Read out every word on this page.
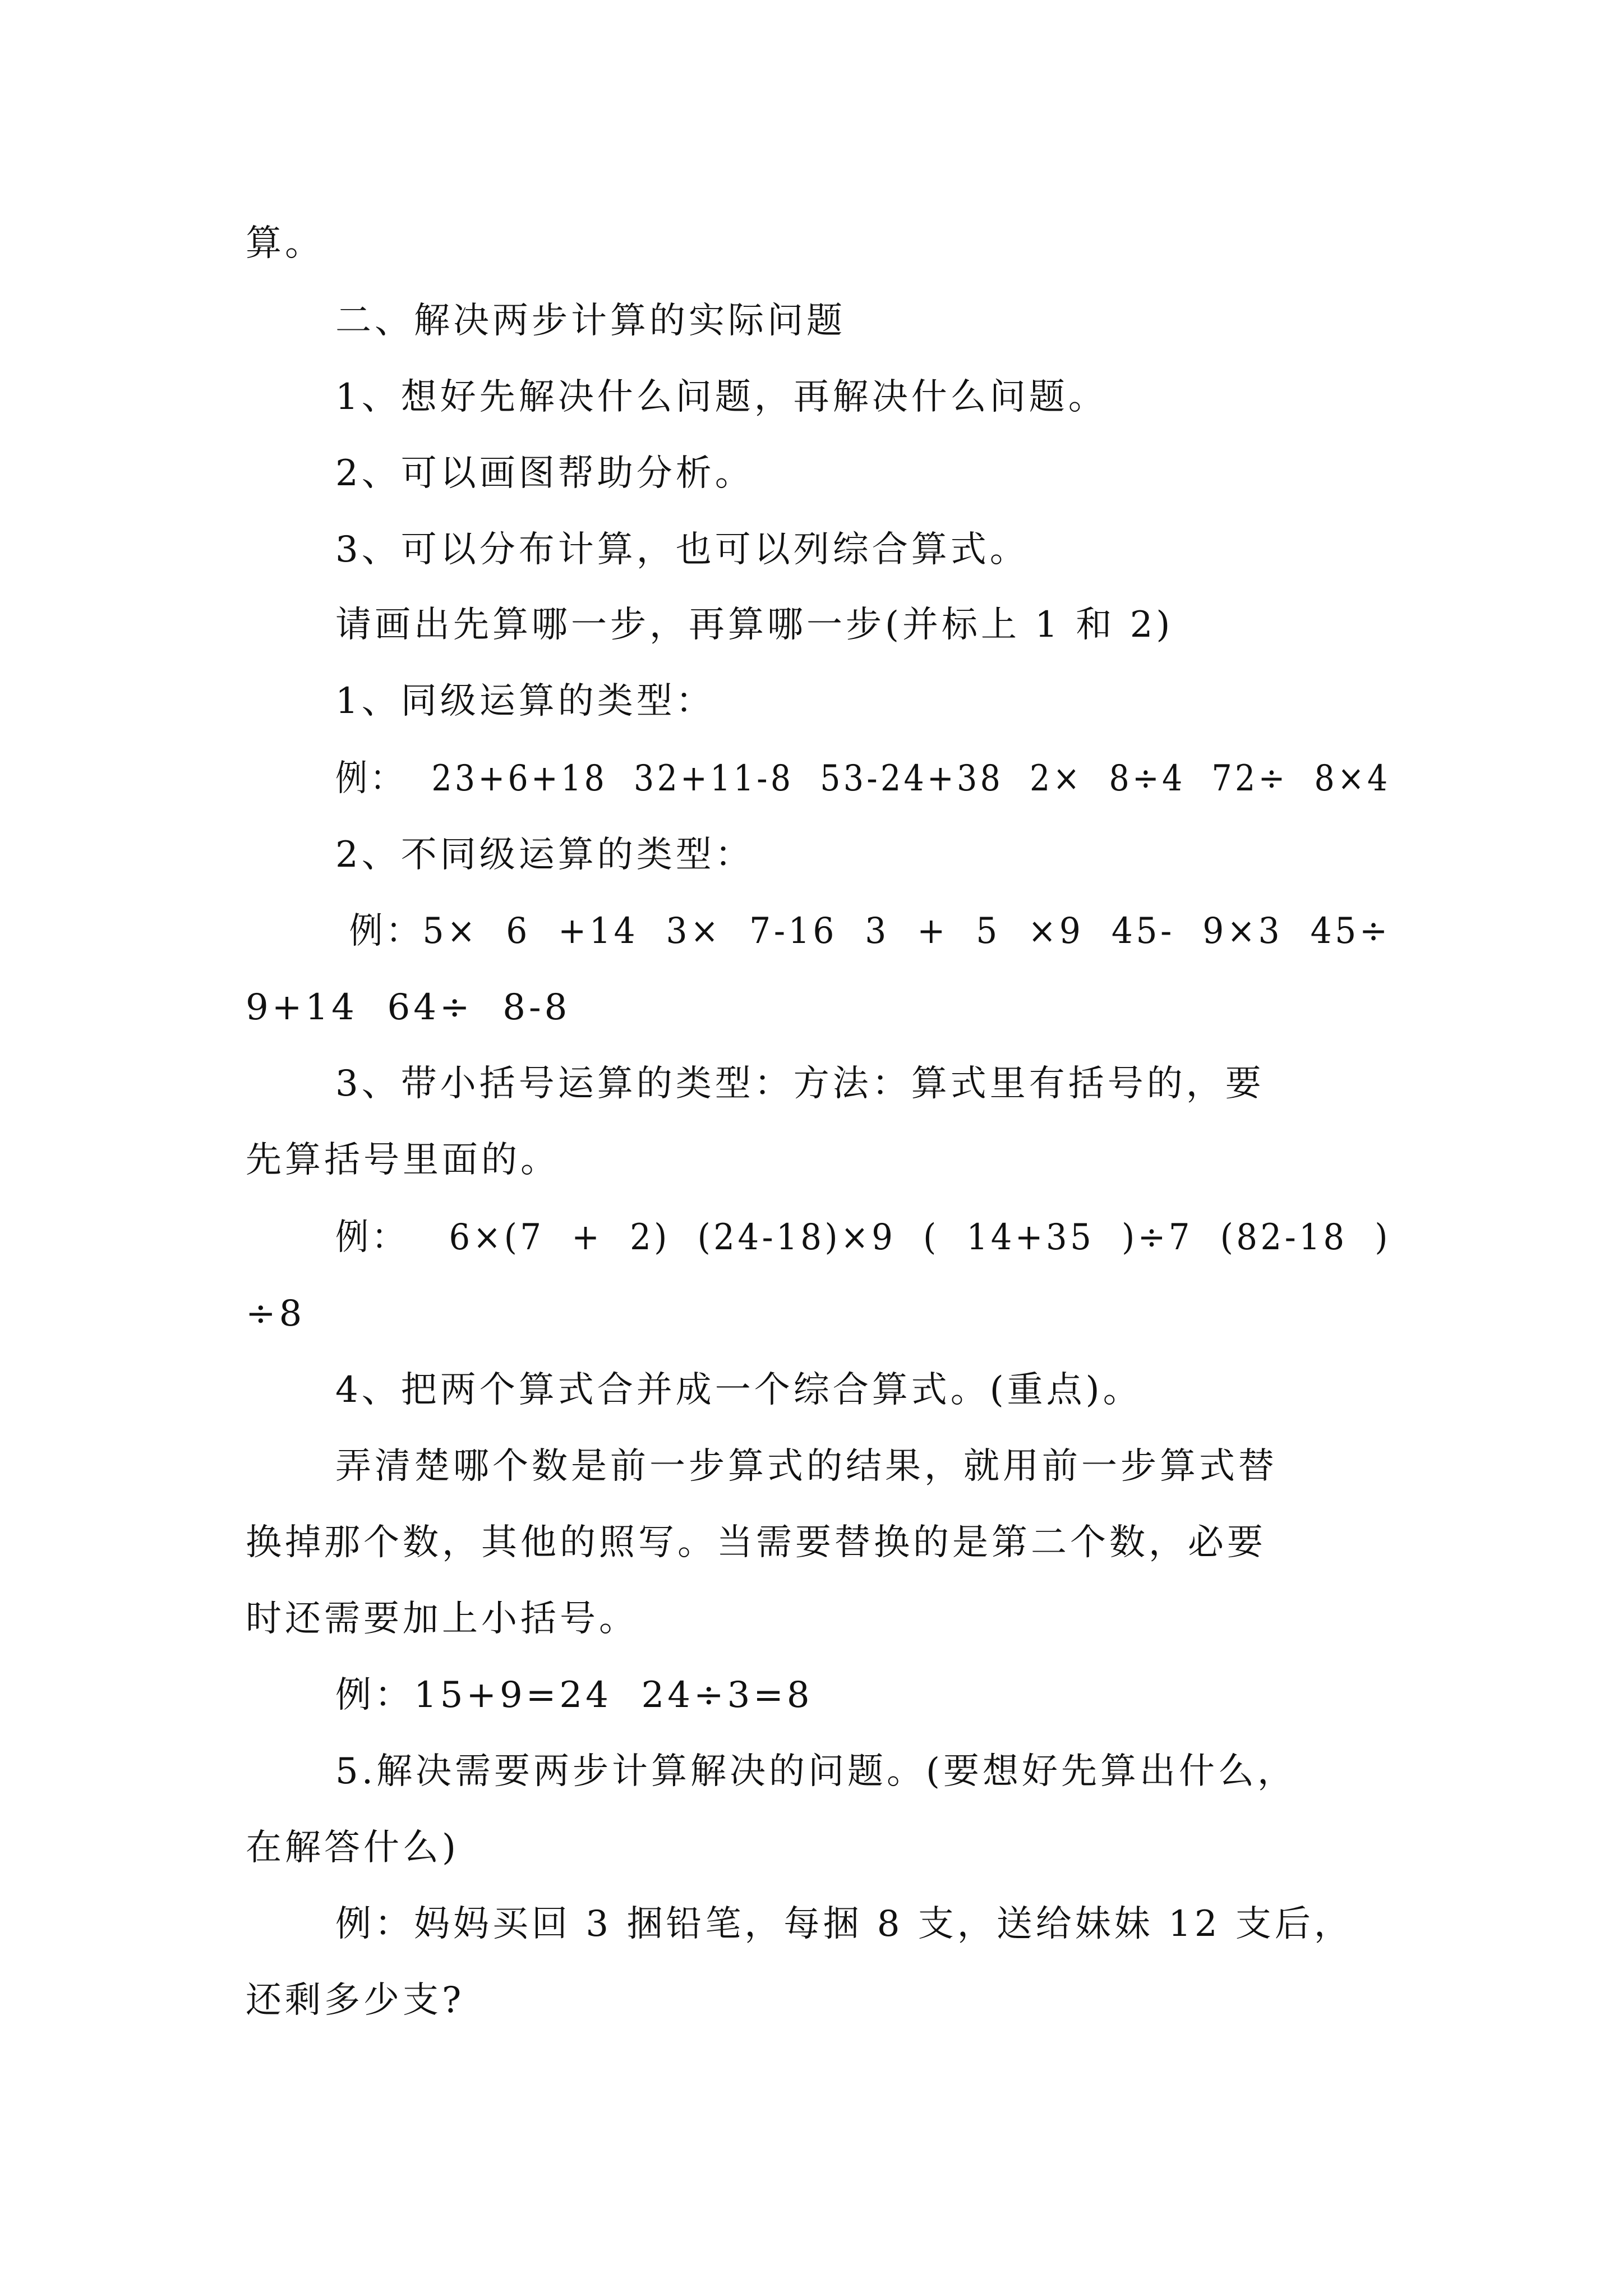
算。
二、解决两步计算的实际问题
1、想好先解决什么问题，再解决什么问题。
2、可以画图帮助分析。
3、可以分布计算，也可以列综合算式。
请画出先算哪一步，再算哪一步(并标上 1 和 2)
1、同级运算的类型：
例：  23+6+18  32+11-8  53-24+38  2×  8÷4  72÷  8×4
2、不同级运算的类型：
例：5×  6  +14  3×  7-16  3  +  5  ×9  45-  9×3  45÷
9+14  64÷  8-8
3、带小括号运算的类型：方法：算式里有括号的，要
先算括号里面的。
例：   6×(7  +  2)  (24-18)×9  (  14+35  )÷7  (82-18  )
÷8
4、把两个算式合并成一个综合算式。(重点)。
弄清楚哪个数是前一步算式的结果，就用前一步算式替
换掉那个数，其他的照写。当需要替换的是第二个数，必要
时还需要加上小括号。
例：15+9=24  24÷3=8
5.解决需要两步计算解决的问题。(要想好先算出什么，
在解答什么)
例：妈妈买回 3 捆铅笔，每捆 8 支，送给妹妹 12 支后，
还剩多少支?
